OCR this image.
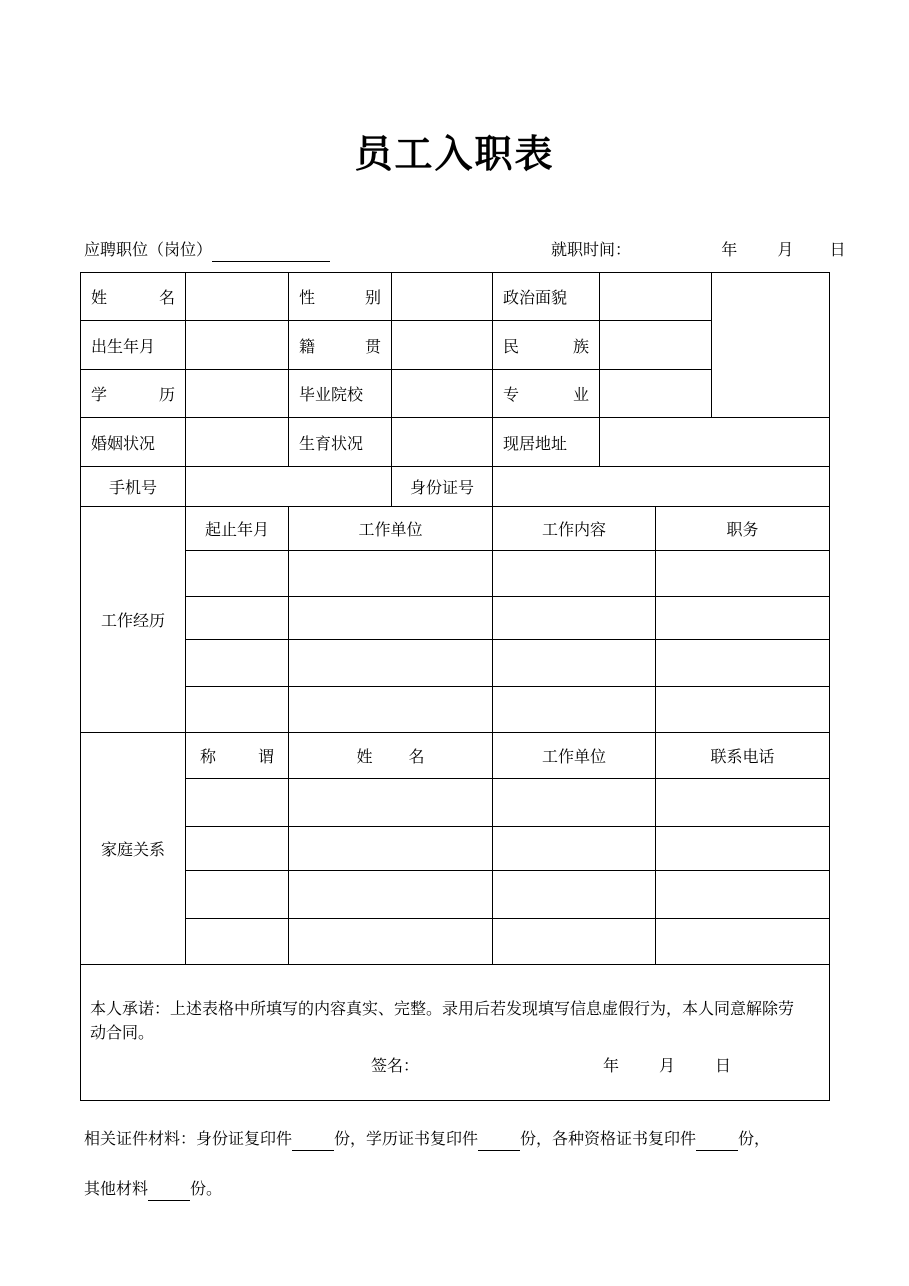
员工入职表
应聘职位（岗位）	就职时间：	年	月 日
姓 名		性 别		政治面貌			
出生年月		籍 贯		民 族			

学 历		毕业院校		专 业			

婚姻状况		生育状况		现居地址			
手机号			身份证号				
工作经历	起止年月	工作单位		工作内容		职务	

家庭关系	称 谓	姓 名		工作单位		联系电话	

本人承诺：上述表格中所填写的内容真实、完整。录用后若发现填写信息虚假行为，本人同意解除劳动合同。
签名： 年 月 日							
相关证件材料：身份证复印件	份，学历证书复印件	份，各种资格证书复印件	份，
其他材料	份。
